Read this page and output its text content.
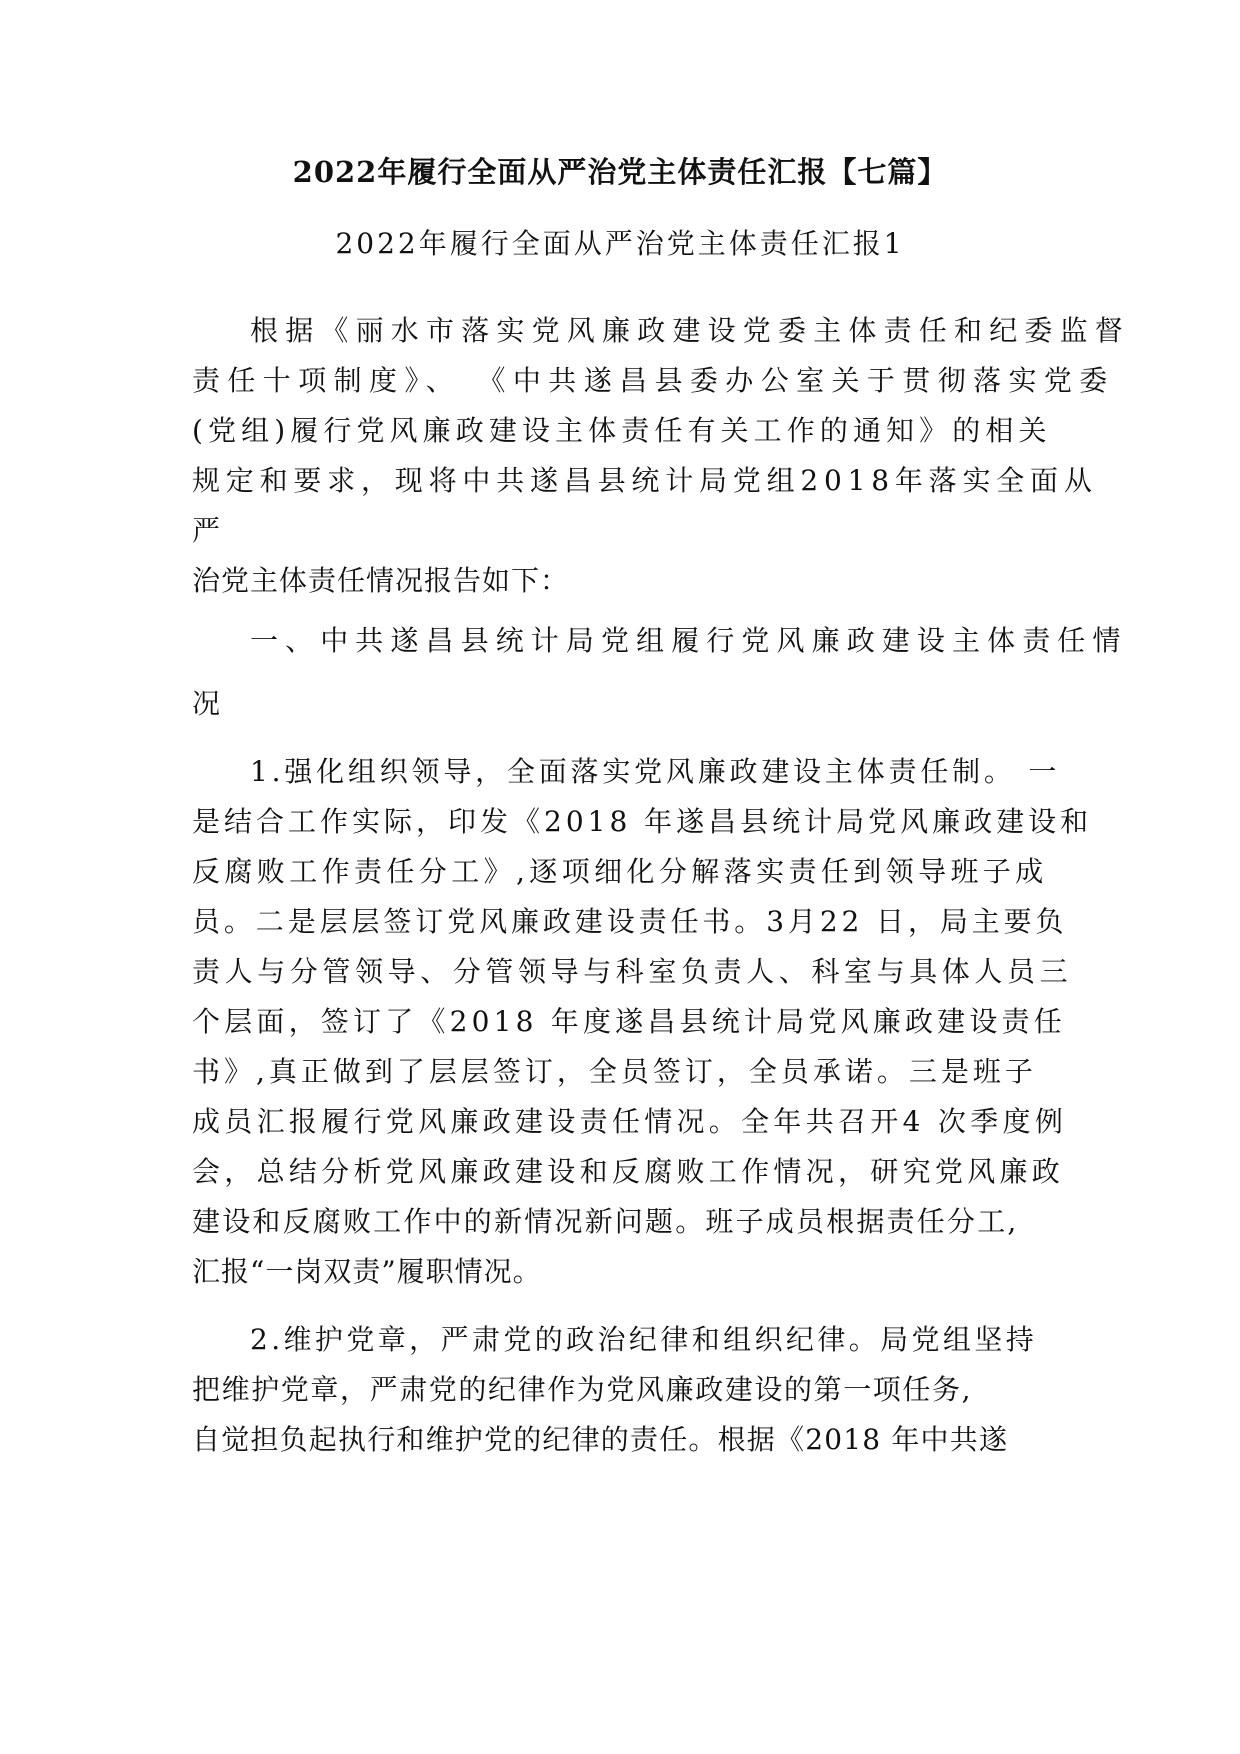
2022年履行全面从严治党主体责任汇报【七篇】
2022年履行全面从严治党主体责任汇报1
根据《丽水市落实党风廉政建设党委主体责任和纪委监督
责任十项制度》、 《中共遂昌县委办公室关于贯彻落实党委
(党组)履行党风廉政建设主体责任有关工作的通知》的相关
规定和要求，现将中共遂昌县统计局党组2018年落实全面从
严
治党主体责任情况报告如下：
一、中共遂昌县统计局党组履行党风廉政建设主体责任情
况
1.强化组织领导，全面落实党风廉政建设主体责任制。 一
是结合工作实际，印发《2018 年遂昌县统计局党风廉政建设和
反腐败工作责任分工》,逐项细化分解落实责任到领导班子成
员。二是层层签订党风廉政建设责任书。3月22 日，局主要负
责人与分管领导、分管领导与科室负责人、科室与具体人员三
个层面，签订了《2018 年度遂昌县统计局党风廉政建设责任
书》,真正做到了层层签订，全员签订，全员承诺。三是班子
成员汇报履行党风廉政建设责任情况。全年共召开4 次季度例
会，总结分析党风廉政建设和反腐败工作情况，研究党风廉政
建设和反腐败工作中的新情况新问题。班子成员根据责任分工,
汇报“一岗双责”履职情况。
2.维护党章，严肃党的政治纪律和组织纪律。局党组坚持
把维护党章，严肃党的纪律作为党风廉政建设的第一项任务,
自觉担负起执行和维护党的纪律的责任。根据《2018 年中共遂
